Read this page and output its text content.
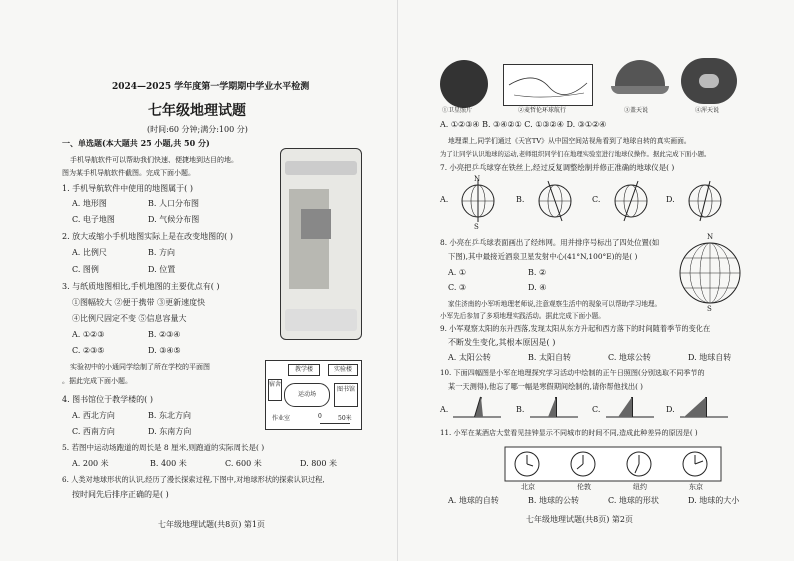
2024—2025 学年度第一学期期中学业水平检测
七年级地理试题
(时间:60 分钟;满分:100 分)
一、单选题(本大题共 25 小题,共 50 分)
手机导航软件可以帮助我们快速、便捷地到达目的地。
图为某手机导航软件截图。完成下面小题。
1. 手机导航软件中使用的地图属于( )
A. 地形图	B. 人口分布图
C. 电子地图	D. 气候分布图
2. 放大或缩小手机地图实际上是在改变地图的( )
A. 比例尺	B. 方向
C. 图例	D. 位置
3. 与纸质地图相比,手机地图的主要优点有( )
①图幅较大 ②便于携带 ③更新速度快
④比例尺固定不变 ⑤信息容量大
A. ①②③	B. ②③④
C. ②③⑤	D. ③④⑤
实验初中的小通同学绘制了所在学校的平面图
。据此完成下面小题。
教学楼	实验楼
宿舍
运动场
图书馆
作业室	0	50米
4. 图书馆位于教学楼的( )
A. 西北方向	B. 东北方向
C. 西南方向	D. 东南方向
5. 若图中运动场跑道的周长是 8 厘米,则跑道的实际周长是( )
A. 200 米	B. 400 米	C. 600 米	D. 800 米
6. 人类对地球形状的认识,经历了漫长探索过程,下图中,对地球形状的探索认识过程,
按时间先后排序正确的是( )
七年级地理试题(共8页) 第1页
①卫星照片	②麦哲伦环球航行	③盖天说	④浑天说
A. ①②③④ B. ③④②① C. ①③②④ D. ③①②④
地理课上,同学们通过《天宫TV》从中国空间站视角看到了地球自转的真实画面。
为了让同学认识地球的运动,老师组织同学们在地理实验室进行地球仪操作。据此完成下面小题。
7. 小亮把乒乓球穿在铁丝上,经过反复调整绘制并修正准确的地球仪是( )
A.	B.	C.	D.
N
S
8. 小亮在乒乓球表面画出了经纬网。用并排序号标出了四处位置(如
下图),其中最接近酒泉卫星发射中心(41°N,100°E)的是( )
A. ①	B. ②
C. ③	D. ④
N
S
家住济南的小军听地理老师说,注意观察生活中的现象可以帮助学习地理。
小军先后参加了多项地理实践活动。据此完成下面小题。
9. 小军观察太阳的东升西落,发现太阳从东方升起和西方落下的时间随着季节的变化在
不断发生变化,其根本原因是( )
A. 太阳公转	B. 太阳自转	C. 地球公转	D. 地球自转
10. 下面四幅图是小军在地理探究学习活动中绘制的正午日照图(分别选取不同季节的
某一天测得),他忘了哪一幅是寒假期间绘制的,请你帮他找出( )
A.	B.	C.	D.
11. 小军在某酒店大堂看见挂钟显示不同城市的时间不同,造成此种差异的原因是( )
北京	伦敦	纽约	东京
A. 地球的自转	B. 地球的公转	C. 地球的形状	D. 地球的大小
七年级地理试题(共8页) 第2页
